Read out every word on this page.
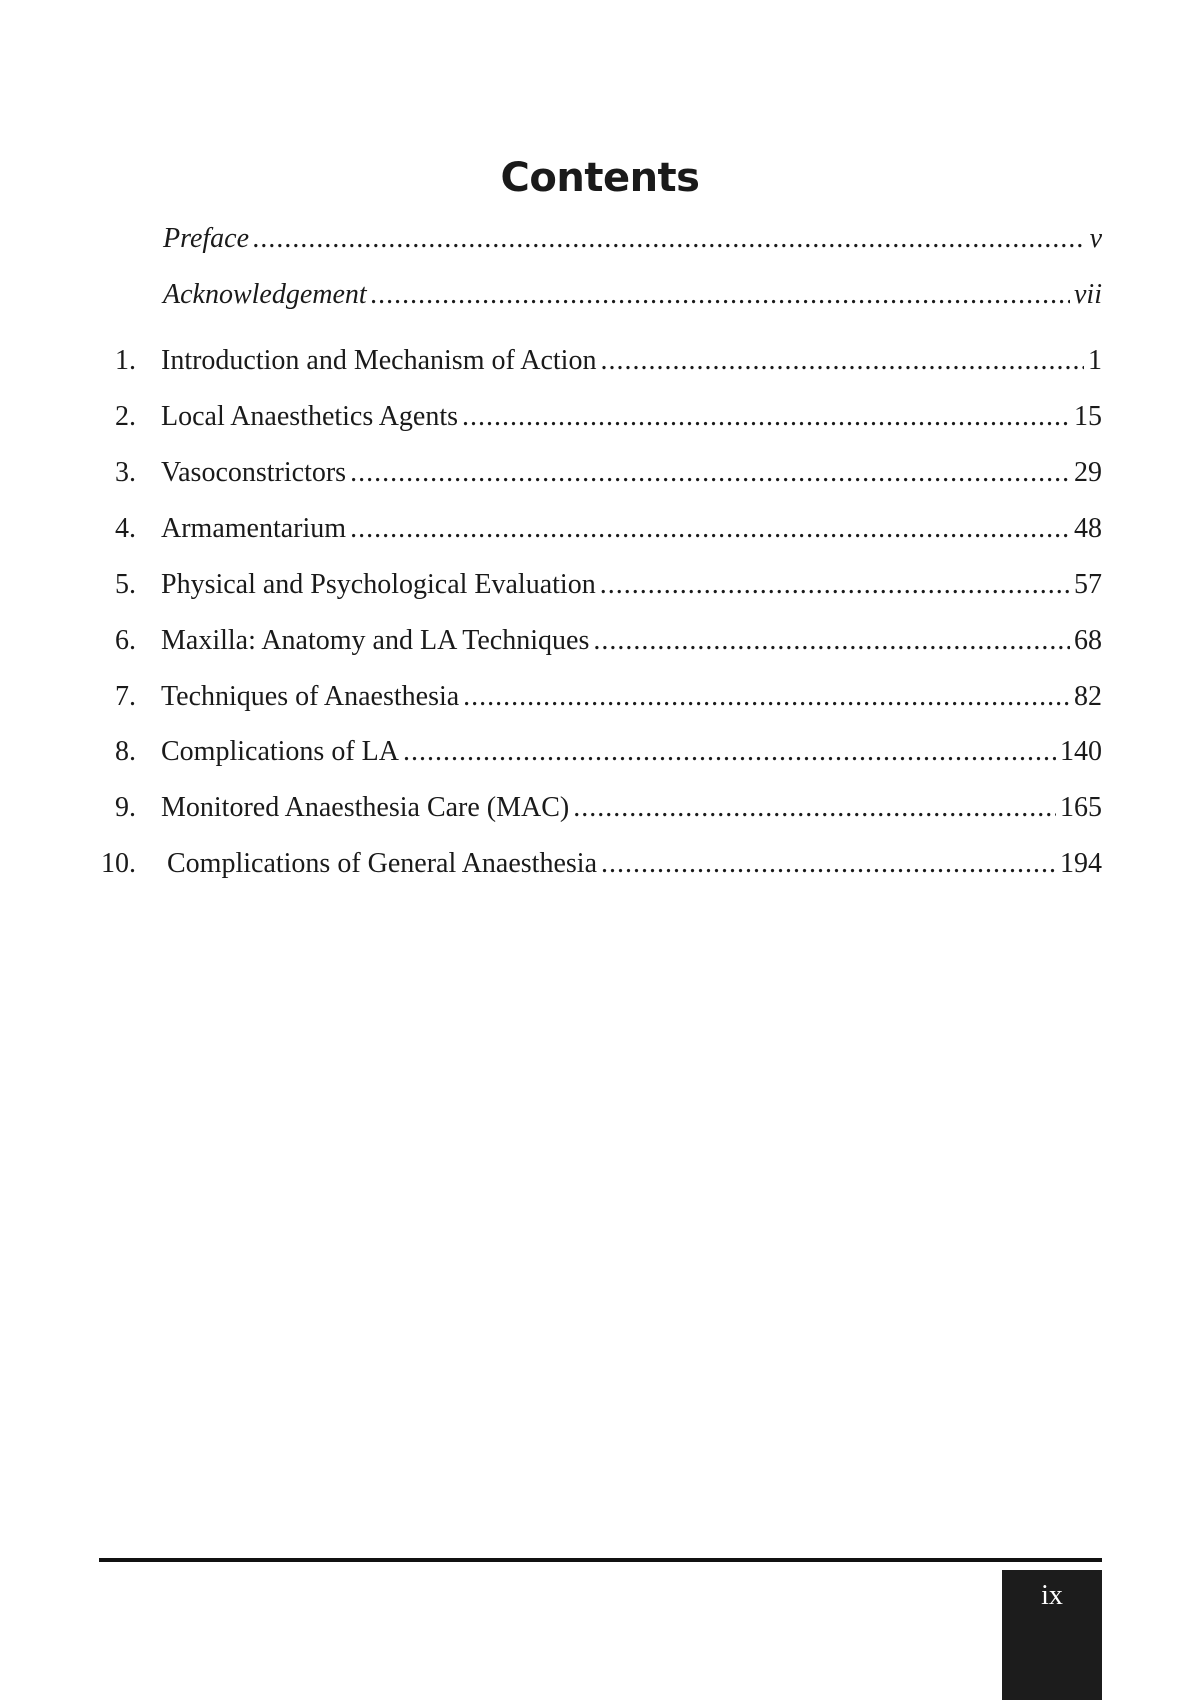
Contents
Preface .....	v
Acknowledgement .....	vii
1. Introduction and Mechanism of Action .....	1
2. Local Anaesthetics Agents .....	15
3. Vasoconstrictors .....	29
4. Armamentarium .....	48
5. Physical and Psychological Evaluation .....	57
6. Maxilla: Anatomy and LA Techniques .....	68
7. Techniques of Anaesthesia .....	82
8. Complications of LA .....	140
9. Monitored Anaesthesia Care (MAC) .....	165
10. Complications of General Anaesthesia .....	194
ix
